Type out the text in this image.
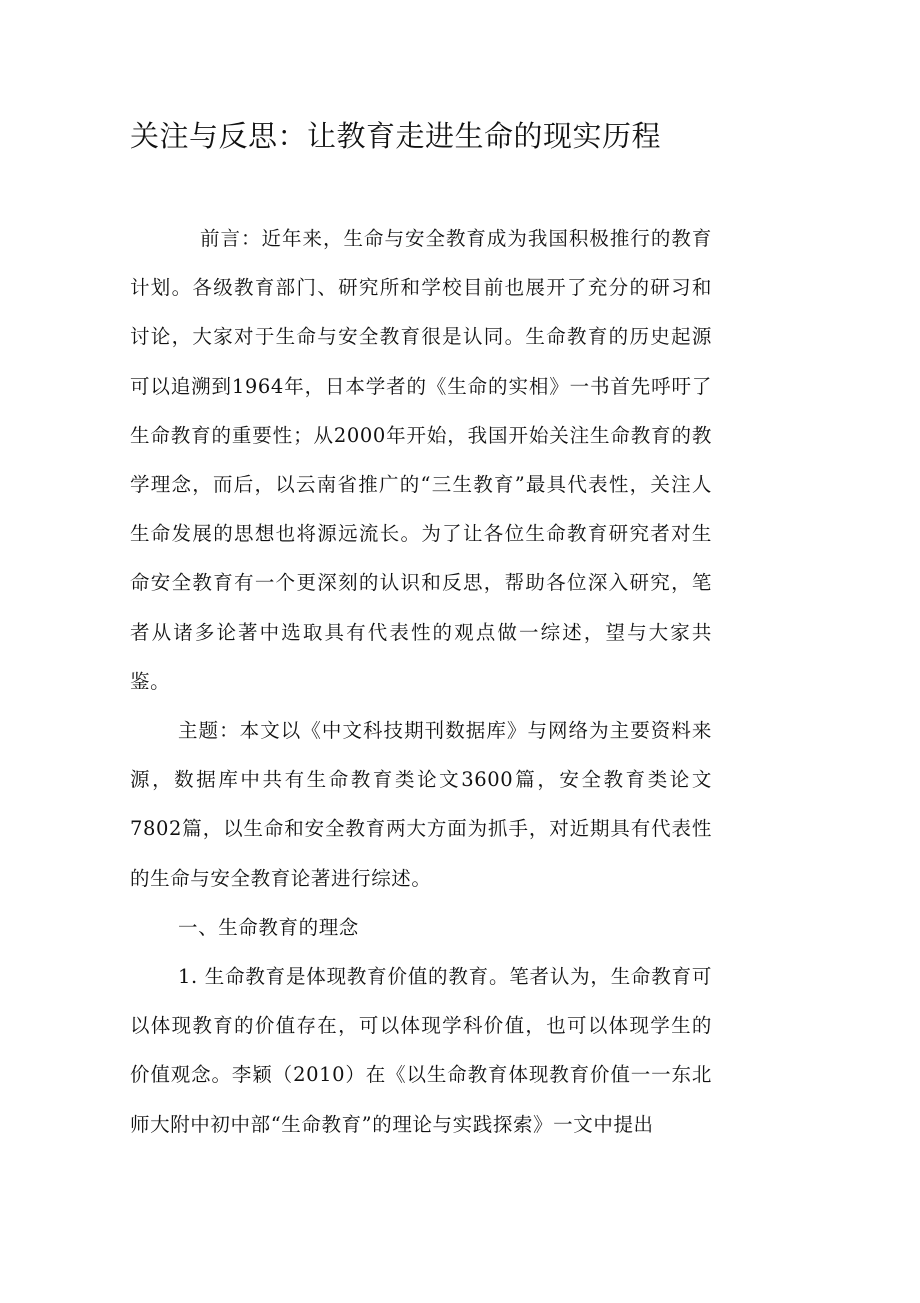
关注与反思：让教育走进生命的现实历程

前言：近年来，生命与安全教育成为我国积极推行的教育计划。各级教育部门、研究所和学校目前也展开了充分的研习和讨论，大家对于生命与安全教育很是认同。生命教育的历史起源可以追溯到1964年，日本学者的《生命的实相》一书首先呼吁了生命教育的重要性；从2000年开始，我国开始关注生命教育的教学理念，而后，以云南省推广的“三生教育”最具代表性，关注人生命发展的思想也将源远流长。为了让各位生命教育研究者对生命安全教育有一个更深刻的认识和反思，帮助各位深入研究，笔者从诸多论著中选取具有代表性的观点做一综述，望与大家共鉴。

主题：本文以《中文科技期刊数据库》与网络为主要资料来源，数据库中共有生命教育类论文3600篇，安全教育类论文7802篇，以生命和安全教育两大方面为抓手，对近期具有代表性的生命与安全教育论著进行综述。

一、生命教育的理念

1. 生命教育是体现教育价值的教育。笔者认为，生命教育可以体现教育的价值存在，可以体现学科价值，也可以体现学生的价值观念。李颖（2010）在《以生命教育体现教育价值一一东北师大附中初中部“生命教育”的理论与实践探索》一文中提出
